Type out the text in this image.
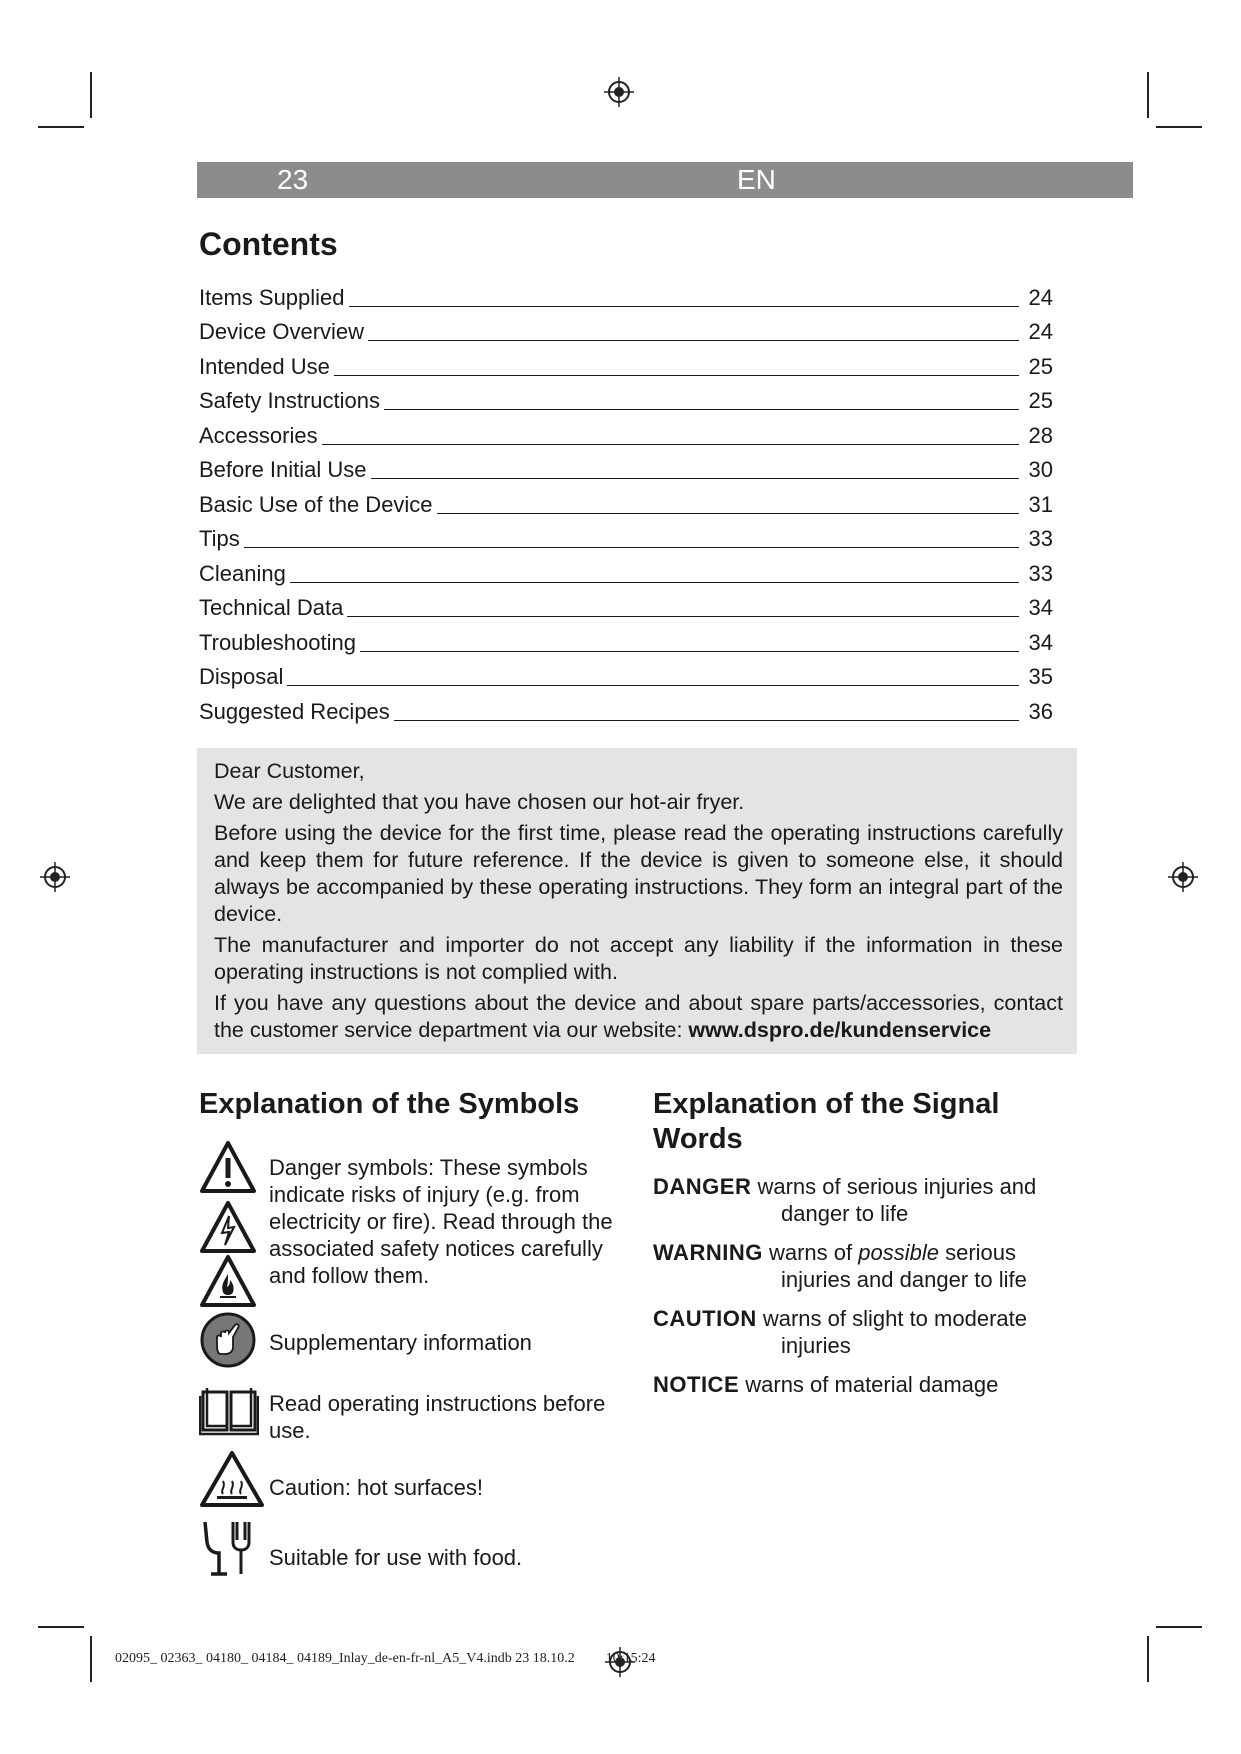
23	EN
Contents
Items Supplied	24
Device Overview	24
Intended Use	25
Safety Instructions	25
Accessories	28
Before Initial Use	30
Basic Use of the Device	31
Tips	33
Cleaning	33
Technical Data	34
Troubleshooting	34
Disposal	35
Suggested Recipes	36

Dear Customer,

We are delighted that you have chosen our hot-air fryer.

Before using the device for the first time, please read the operating instructions carefully and keep them for future reference. If the device is given to someone else, it should always be accompanied by these operating instructions. They form an integral part of the device.

The manufacturer and importer do not accept any liability if the information in these operating instructions is not complied with.

If you have any questions about the device and about spare parts/accessories, contact the customer service department via our website: www.dspro.de/kundenservice

Explanation of the Symbols
Danger symbols: These symbols indicate risks of injury (e.g. from electricity or fire). Read through the associated safety notices carefully and follow them.
Supplementary information
Read operating instructions before use.
Caution: hot surfaces!
Suitable for use with food.
Explanation of the Signal Words
DANGER warns of serious injuries and
danger to life
WARNING warns of possible serious
injuries and danger to life
CAUTION warns of slight to moderate
injuries
NOTICE warns of material damage
02095_ 02363_ 04180_ 04184_ 04189_Inlay_de-en-fr-nl_A5_V4.indb 23 18.10.2 10:15:24
